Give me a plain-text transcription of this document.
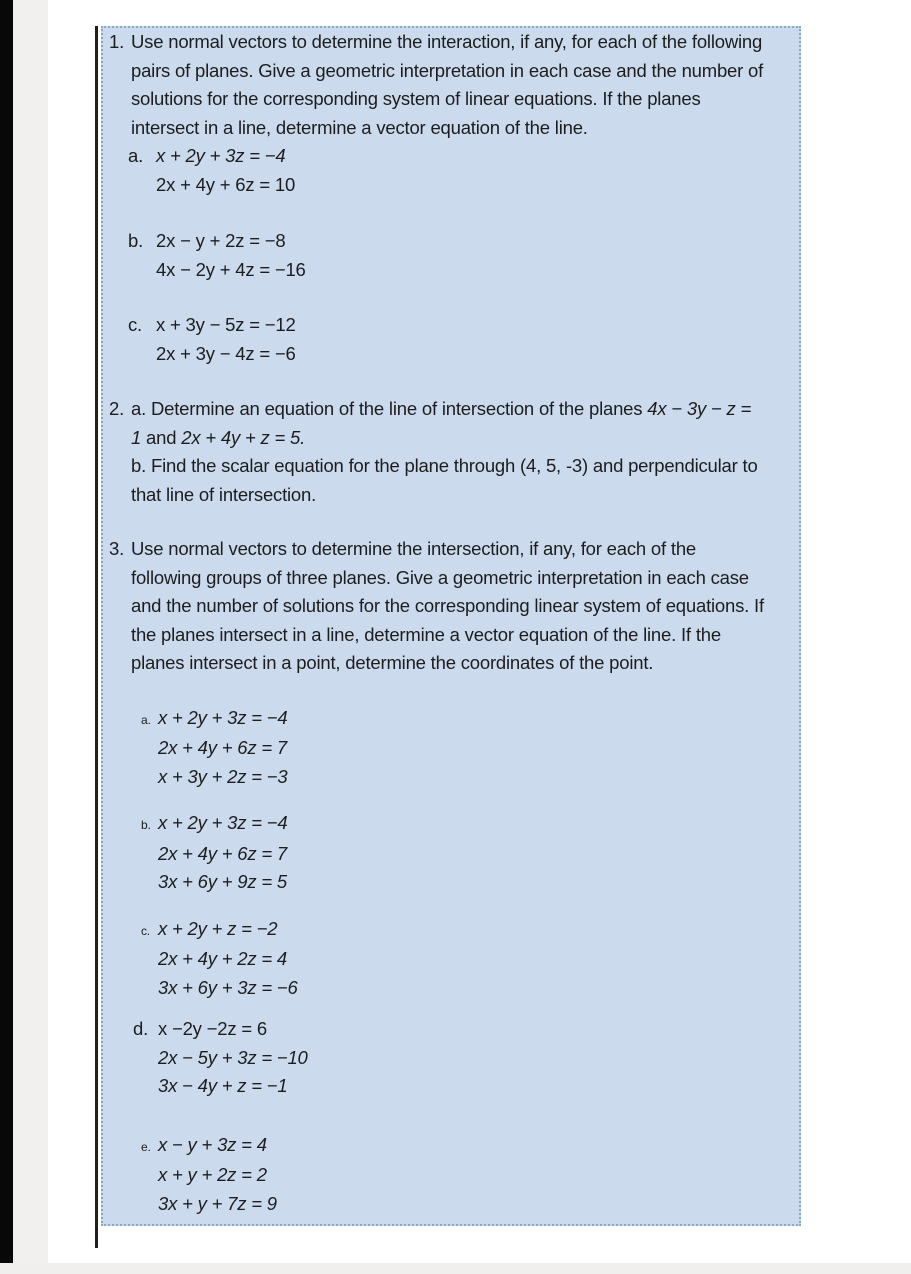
1. Use normal vectors to determine the interaction, if any, for each of the following
pairs of planes. Give a geometric interpretation in each case and the number of
solutions for the corresponding system of linear equations. If the planes
intersect in a line, determine a vector equation of the line.
a. x + 2y + 3z = −4
2x + 4y + 6z = 10
b. 2x − y + 2z = −8
4x − 2y + 4z = −16
c. x + 3y − 5z = −12
2x + 3y − 4z = −6
2. a. Determine an equation of the line of intersection of the planes 4x − 3y − z =
1 and 2x + 4y + z = 5.
b. Find the scalar equation for the plane through (4, 5, -3) and perpendicular to
that line of intersection.
3. Use normal vectors to determine the intersection, if any, for each of the
following groups of three planes. Give a geometric interpretation in each case
and the number of solutions for the corresponding linear system of equations. If
the planes intersect in a line, determine a vector equation of the line. If the
planes intersect in a point, determine the coordinates of the point.
a. x + 2y + 3z = −4
2x + 4y + 6z = 7
x + 3y + 2z = −3
b. x + 2y + 3z = −4
2x + 4y + 6z = 7
3x + 6y + 9z = 5
c. x + 2y + z = −2
2x + 4y + 2z = 4
3x + 6y + 3z = −6
d. x −2y −2z = 6
2x − 5y + 3z = −10
3x − 4y + z = −1
e. x − y + 3z = 4
x + y + 2z = 2
3x + y + 7z = 9
